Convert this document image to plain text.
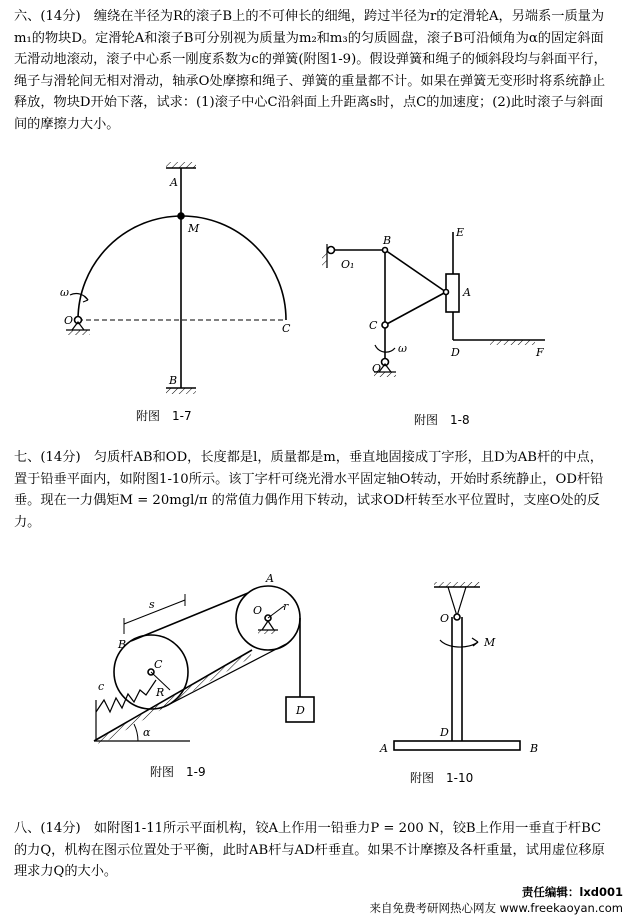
六、(14分)　缠绕在半径为R的滚子B上的不可伸长的细绳，跨过半径为r的定滑轮A，另端系一质量为m₁的物块D。定滑轮A和滚子B可分别视为质量为m₂和m₃的匀质圆盘，滚子B可沿倾角为α的固定斜面无滑动地滚动，滚子中心系一刚度系数为c的弹簧(附图1-9)。假设弹簧和绳子的倾斜段均与斜面平行，绳子与滑轮间无相对滑动，轴承O处摩擦和绳子、弹簧的重量都不计。如果在弹簧无变形时将系统静止释放，物块D开始下落，试求：(1)滚子中心C沿斜面上升距离s时，点C的加速度；(2)此时滚子与斜面间的摩擦力大小。
七、(14分)　匀质杆AB和OD，长度都是l，质量都是m，垂直地固接成丁字形，且D为AB杆的中点，置于铅垂平面内，如附图1-10所示。该丁字杆可绕光滑水平固定轴O转动，开始时系统静止，OD杆铅垂。现在一力偶矩M = 20mgl/π 的常值力偶作用下转动，试求OD杆转至水平位置时，支座O处的反力。
八、(14分)　如附图1-11所示平面机构，铰A上作用一铅垂力P = 200 N，铰B上作用一垂直于杆BC的力Q，机构在图示位置处于平衡，此时AB杆与AD杆垂直。如果不计摩擦及各杆重量，试用虚位移原理求力Q的大小。
A
M
B
O
C
ω
附图　1-7
O₁
B
E
A
C
D	F
O
ω
附图　1-8
A
O r
s
B
C
c	R
D
α
附图　1-9
O
M
D
A	B
附图　1-10
责任编辑：lxd001
来自免费考研网热心网友 www.freekaoyan.com
